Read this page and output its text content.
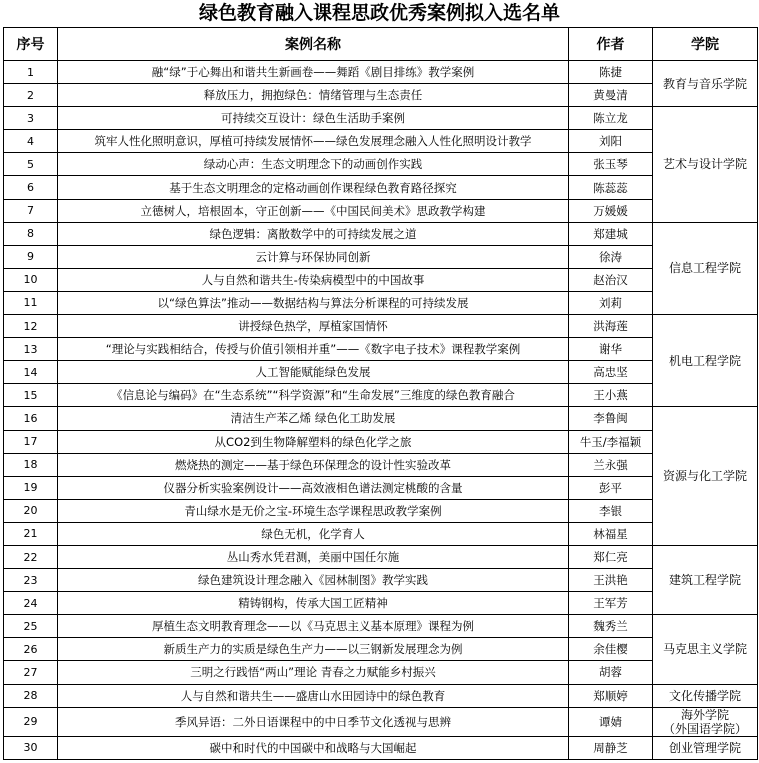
绿色教育融入课程思政优秀案例拟入选名单
序号	案例名称	作者	学院
1	融“绿”于心舞出和谐共生新画卷——舞蹈《剧目排练》教学案例	陈捷	教育与音乐学院
2	释放压力，拥抱绿色：情绪管理与生态责任	黄曼清	
3	可持续交互设计：绿色生活助手案例	陈立龙	艺术与设计学院
4	筑牢人性化照明意识，厚植可持续发展情怀——绿色发展理念融入人性化照明设计教学	刘阳	
5	绿动心声：生态文明理念下的动画创作实践	张玉琴	
6	基于生态文明理念的定格动画创作课程绿色教育路径探究	陈蕊蕊	
7	立德树人，培根固本，守正创新——《中国民间美术》思政教学构建	万媛媛	
8	绿色逻辑：离散数学中的可持续发展之道	郑建城	信息工程学院
9	云计算与环保协同创新	徐涛	
10	人与自然和谐共生-传染病模型中的中国故事	赵治汉	
11	以“绿色算法”推动——数据结构与算法分析课程的可持续发展	刘莉	
12	讲授绿色热学，厚植家国情怀	洪海莲	机电工程学院
13	“理论与实践相结合，传授与价值引领相并重”——《数字电子技术》课程教学案例	谢华	
14	人工智能赋能绿色发展	高忠坚	
15	《信息论与编码》在“生态系统”“科学资源”和“生命发展”三维度的绿色教育融合	王小燕	
16	清洁生产苯乙烯 绿色化工助发展	李鲁闽	资源与化工学院
17	从CO2到生物降解塑料的绿色化学之旅	牛玉/李福颖	
18	燃烧热的测定——基于绿色环保理念的设计性实验改革	兰永强	
19	仪器分析实验案例设计——高效液相色谱法测定桃酸的含量	彭平	
20	青山绿水是无价之宝-环境生态学课程思政教学案例	李银	
21	绿色无机，化学育人	林福星	
22	丛山秀水凭君测，美丽中国任尔施	郑仁亮	建筑工程学院
23	绿色建筑设计理念融入《园林制图》教学实践	王洪艳	
24	精铸钢构，传承大国工匠精神	王军芳	
25	厚植生态文明教育理念——以《马克思主义基本原理》课程为例	魏秀兰	马克思主义学院
26	新质生产力的实质是绿色生产力——以三钢新发展理念为例	余佳樱	
27	三明之行践悟“两山”理论 青春之力赋能乡村振兴	胡蓉	
28	人与自然和谐共生——盛唐山水田园诗中的绿色教育	郑顺婷	文化传播学院
29	季风异语：二外日语课程中的中日季节文化透视与思辨	谭婧	海外学院
（外国语学院）
30	碳中和时代的中国碳中和战略与大国崛起	周静芝	创业管理学院
